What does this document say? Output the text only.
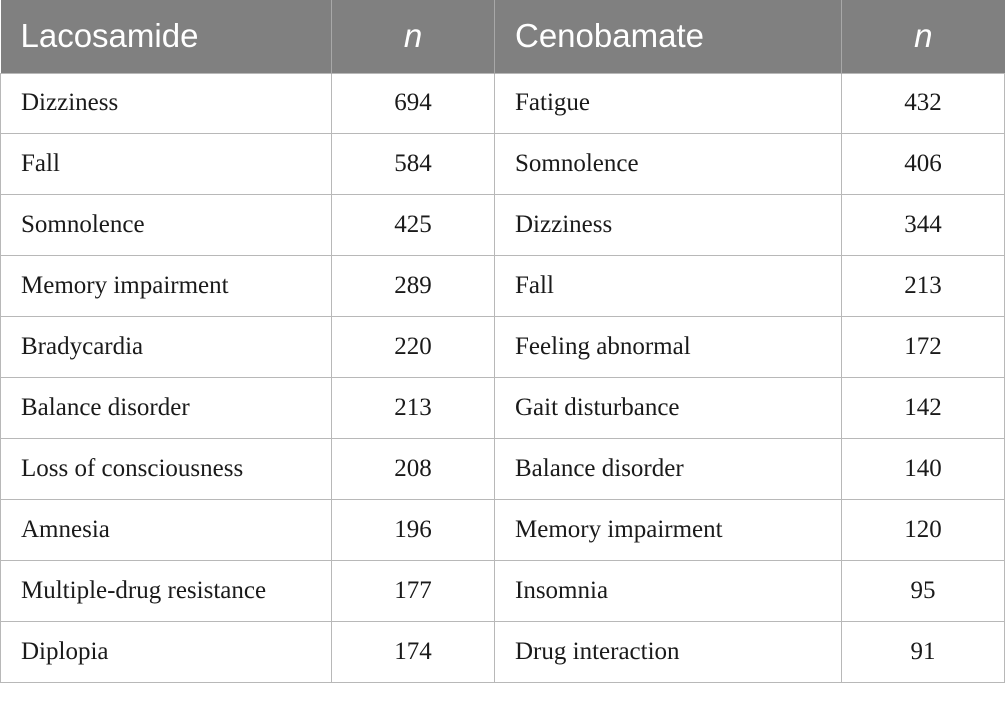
Lacosamide	n	Cenobamate	n
Dizziness	694	Fatigue	432
Fall	584	Somnolence	406
Somnolence	425	Dizziness	344
Memory impairment	289	Fall	213
Bradycardia	220	Feeling abnormal	172
Balance disorder	213	Gait disturbance	142
Loss of consciousness	208	Balance disorder	140
Amnesia	196	Memory impairment	120
Multiple-drug resistance	177	Insomnia	95
Diplopia	174	Drug interaction	91
